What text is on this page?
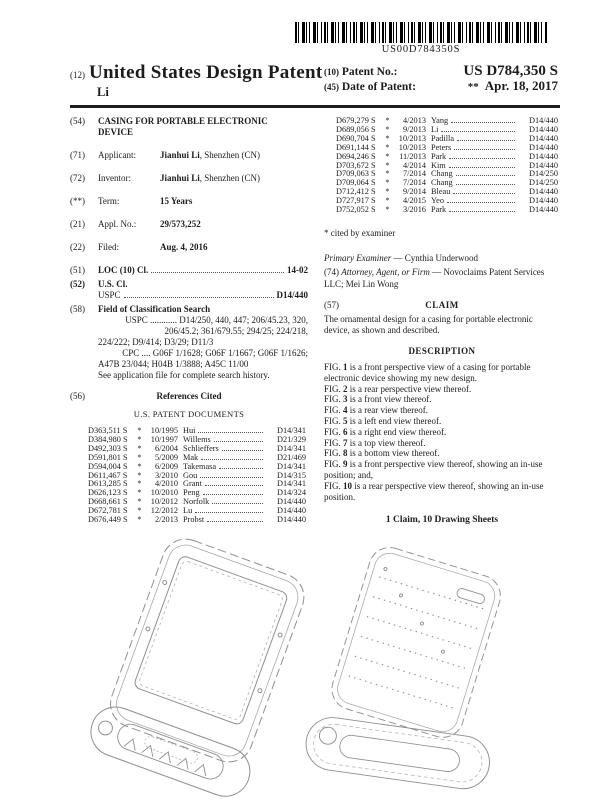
US00D784350S
(12) United States Design Patent
Li
(10) Patent No.:	US D784,350 S
(45) Date of Patent:	** Apr. 18, 2017
(54)	CASING FOR PORTABLE ELECTRONIC DEVICE
(71)	Applicant:	Jianhui Li, Shenzhen (CN)
(72)	Inventor:	Jianhui Li, Shenzhen (CN)
(**)	Term:	15 Years
(21)	Appl. No.:	29/573,252
(22)	Filed:	Aug. 4, 2016
(51)	LOC (10) Cl.	14-02
(52)	U.S. Cl.
USPC	D14/440
(58)	Field of Classification Search
USPC ............ D14/250, 440, 447; 206/45.23, 320,
206/45.2; 361/679.55; 294/25; 224/218,
224/222; D9/414; D3/29; D11/3
CPC .... G06F 1/1628; G06F 1/1667; G06F 1/1626;
A47B 23/044; H04B 1/3888; A45C 11/00
See application file for complete search history.
(56)	References Cited
U.S. PATENT DOCUMENTS
D363,511 S	*	10/1995 Hui	D14/341
D384,980 S	*	10/1997 Willems	D21/329
D492,303 S	*	6/2004 Schlieffers	D14/341
D591,801 S	*	5/2009 Mak	D21/469
D594,004 S	*	6/2009 Takemasa	D14/341
D611,467 S	*	3/2010 Gou	D14/315
D613,285 S	*	4/2010 Grant	D14/341
D626,123 S	*	10/2010 Peng	D14/324
D668,661 S	*	10/2012 Norfolk	D14/440
D672,781 S	*	12/2012 Lu	D14/440
D676,449 S	*	2/2013 Probst	D14/440
D679,279 S	*	4/2013 Yang	D14/440
D689,056 S	*	9/2013 Li	D14/440
D690,704 S	*	10/2013 Padilla	D14/440
D691,144 S	*	10/2013 Peters	D14/440
D694,246 S	*	11/2013 Park	D14/440
D703,672 S	*	4/2014 Kim	D14/440
D709,063 S	*	7/2014 Chang	D14/250
D709,064 S	*	7/2014 Chang	D14/250
D712,412 S	*	9/2014 Bleau	D14/440
D727,917 S	*	4/2015 Yeo	D14/440
D752,052 S	*	3/2016 Park	D14/440
* cited by examiner
Primary Examiner — Cynthia Underwood
(74) Attorney, Agent, or Firm — Novoclaims Patent Services LLC; Mei Lin Wong
(57)	CLAIM
The ornamental design for a casing for portable electronic device, as shown and described.
DESCRIPTION
FIG. 1 is a front perspective view of a casing for portable electronic device showing my new design.
FIG. 2 is a rear perspective view thereof.
FIG. 3 is a front view thereof.
FIG. 4 is a rear view thereof.
FIG. 5 is a left end view thereof.
FIG. 6 is a right end view thereof.
FIG. 7 is a top view thereof.
FIG. 8 is a bottom view thereof.
FIG. 9 is a front perspective view thereof, showing an in-use position; and,
FIG. 10 is a rear perspective view thereof, showing an in-use position.
1 Claim, 10 Drawing Sheets
